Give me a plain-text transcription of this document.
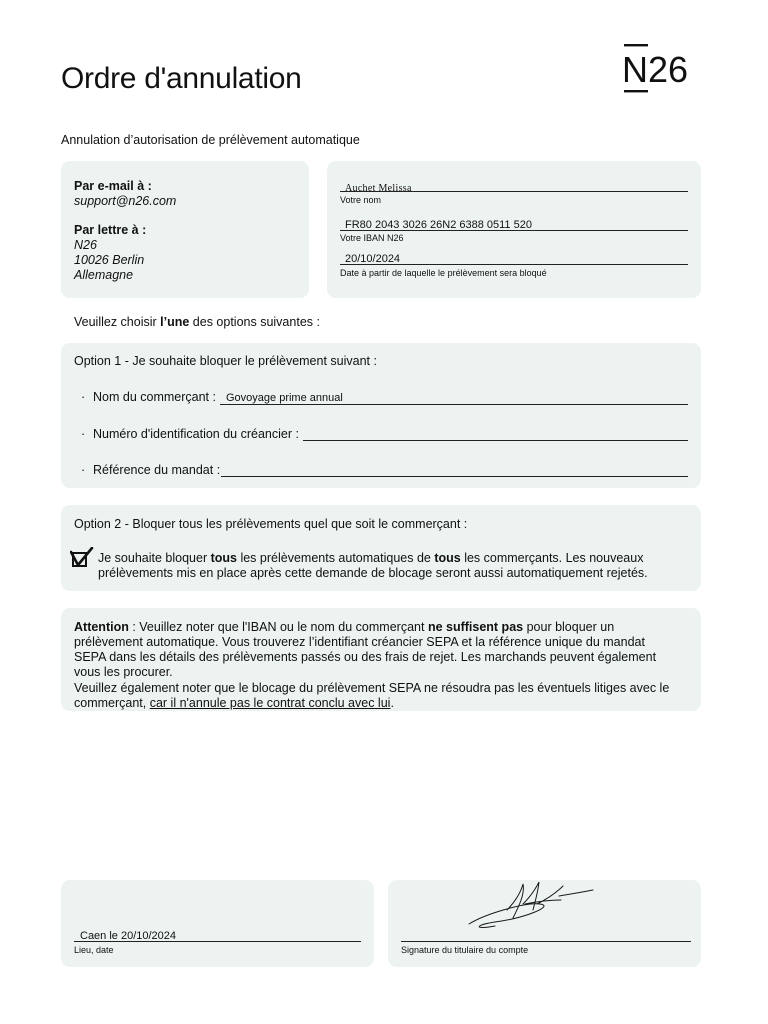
Ordre d'annulation	N26
Annulation d’autorisation de prélèvement automatique
Par e-mail à :
support@n26.com
Par lettre à :
N26
10026 Berlin
Allemagne
Auchet Melissa
Votre nom
FR80 2043 3026 26N2 6388 0511 520
Votre IBAN N26
20/10/2024
Date à partir de laquelle le prélèvement sera bloqué
Veuillez choisir l’une des options suivantes :
Option 1 - Je souhaite bloquer le prélèvement suivant :
· Nom du commerçant : Govoyage prime annual
· Numéro d'identification du créancier :
· Référence du mandat :
Option 2 - Bloquer tous les prélèvements quel que soit le commerçant :
Je souhaite bloquer tous les prélèvements automatiques de tous les commerçants. Les nouveaux prélèvements mis en place après cette demande de blocage seront aussi automatiquement rejetés.
Attention : Veuillez noter que l'IBAN ou le nom du commerçant ne suffisent pas pour bloquer un prélèvement automatique. Vous trouverez l’identifiant créancier SEPA et la référence unique du mandat SEPA dans les détails des prélèvements passés ou des frais de rejet. Les marchands peuvent également vous les procurer.
Veuillez également noter que le blocage du prélèvement SEPA ne résoudra pas les éventuels litiges avec le commerçant, car il n'annule pas le contrat conclu avec lui.
Caen le 20/10/2024
Lieu, date	Signature du titulaire du compte
